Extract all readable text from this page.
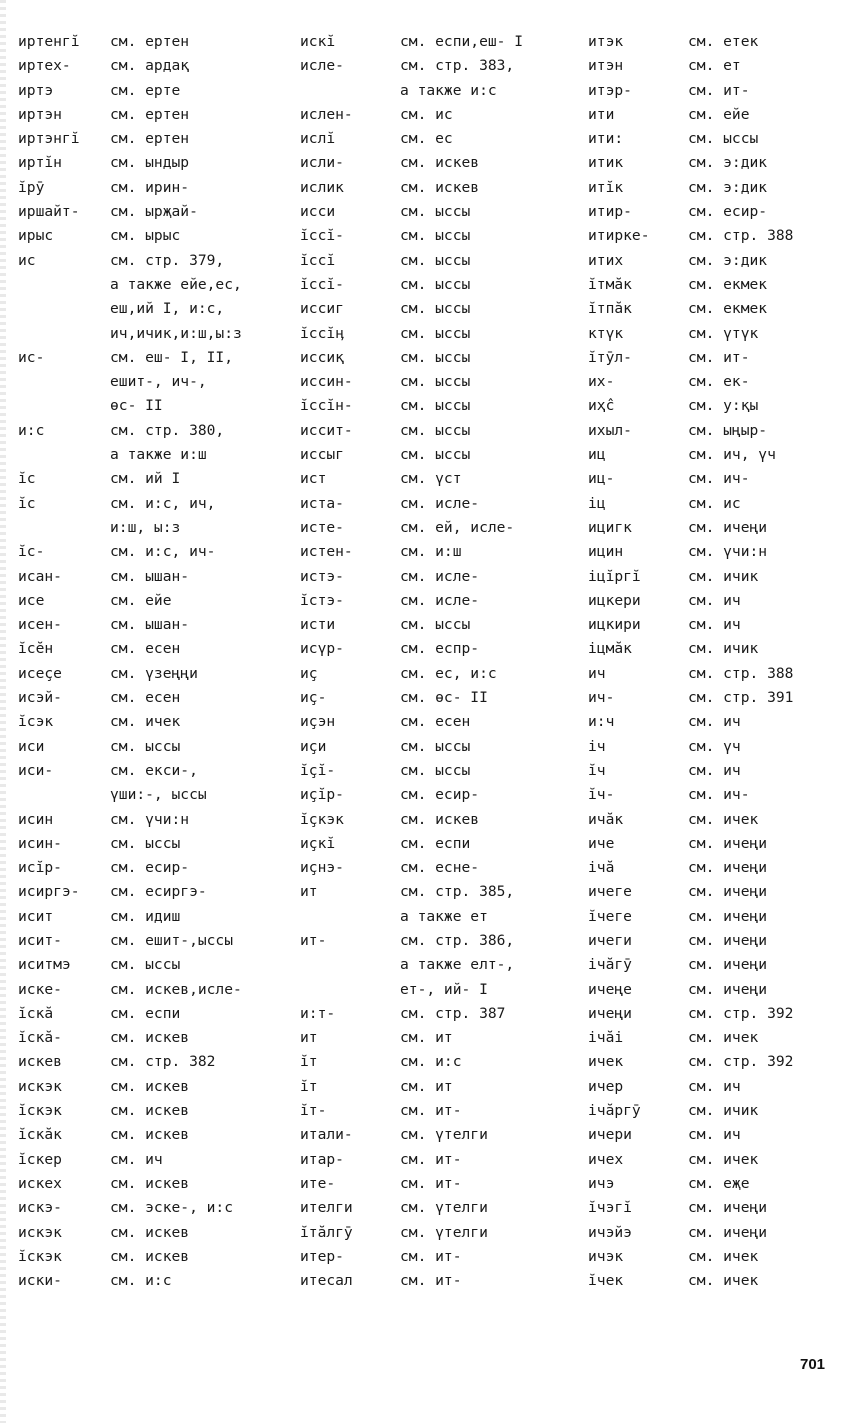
иртенгĭ	см. ертен
иртех-	см. ардақ
иртэ	см. ерте
иртэн	см. ертен
иртэнгĭ	см. ертен
иртĭн	см. ындыр
ĭрӯ	см. ирин-
иршайт-	см. ырҗай-
ирыс	см. ырыс
ис	см. стр. 379,
а также ейе,ес,
еш,ий I, и:с,
ич,ичик,и:ш,ы:з
ис-	см. еш- I, II,
ешит-, ич-,
өс- II
и:с	см. стр. 380,
а также и:ш
ĭс	см. ий I
ĭс	см. и:с, ич,
и:ш, ы:з
ĭс-	см. и:с, ич-
исан-	см. ышан-
исе	см. ейе
исен-	см. ышан-
ĭсĕн	см. есен
исеҫе	см. үзеңңи
исэй-	см. есен
ĭсэк	см. ичек
иси	см. ыссы
иси-	см. екси-,
үши:-, ыссы
исин	см. үчи:н
исин-	см. ыссы
исĭр-	см. есир-
исиргэ-	см. есиргэ-
исит	см. идиш
исит-	см. ешит-,ыссы
иситмэ	см. ыссы
иске-	см. искев,исле-
ĭскă	см. еспи
ĭскă-	см. искев
искев	см. стр. 382
искэк	см. искев
ĭскэк	см. искев
ĭскăк	см. искев
ĭскер	см. ич
искех	см. искев
искэ-	см. эске-, и:с
искэк	см. искев
ĭскэк	см. искев
иски-	см. и:с
искĭ	см. еспи,еш- I
исле-	см. стр. 383,
а также и:с
ислен-	см. ис
ислĭ	см. ес
исли-	см. искев
ислик	см. искев
исси	см. ыссы
ĭссĭ-	см. ыссы
ĭссĭ	см. ыссы
ĭссĭ-	см. ыссы
иссиг	см. ыссы
ĭссĭӊ	см. ыссы
иссиқ	см. ыссы
иссин-	см. ыссы
ĭссĭн-	см. ыссы
иссит-	см. ыссы
иссыг	см. ыссы
ист	см. үст
иста-	см. исле-
исте-	см. ей, исле-
истен-	см. и:ш
истэ-	см. исле-
ĭстэ-	см. исле-
исти	см. ыссы
исүр-	см. еспр-
иҫ	см. ес, и:с
иҫ-	см. өс- II
иҫэн	см. есен
иҫи	см. ыссы
ĭҫĭ-	см. ыссы
иҫĭр-	см. есир-
ĭҫкэк	см. искев
иҫкĭ	см. еспи
иҫнэ-	см. есне-
ит	см. стр. 385,
а также ет
ит-	см. стр. 386,
а также елт-,
ет-, ий- I
и:т-	см. стр. 387
ит	см. ит
ĭт	см. и:с
ĭт	см. ит
ĭт-	см. ит-
итали-	см. үтелги
итар-	см. ит-
ите-	см. ит-
ителги	см. үтелги
ĭтăлгӯ	см. үтелги
итер-	см. ит-
итесал	см. ит-
итэк	см. етек
итэн	см. ет
итэр-	см. ит-
ити	см. ейе
ити:	см. ыссы
итик	см. э:дик
итĭк	см. э:дик
итир-	см. есир-
итирке-	см. стр. 388
итих	см. э:дик
ĭтмăк	см. екмек
ĭтпăк	см. екмек
ктүк	см. үтүк
ĭтӯл-	см. ит-
их-	см. ек-
иҳĉ	см. у:қы
ихыл-	см. ыңыр-
иц	см. ич, үч
иц-	см. ич-
іц	см. ис
ицигк	см. ичеңи
ицин	см. үчи:н
іцĭргĭ	см. ичик
ицкери	см. ич
ицкири	см. ич
іцмăк	см. ичик
ич	см. стр. 388
ич-	см. стр. 391
и:ч	см. ич
іч	см. үч
ĭч	см. ич
ĭч-	см. ич-
ичăк	см. ичек
иче	см. ичеңи
ічă	см. ичеңи
ичеге	см. ичеңи
ĭчеге	см. ичеңи
ичеги	см. ичеңи
ічăгӯ	см. ичеңи
ичеңе	см. ичеңи
ичеңи	см. стр. 392
ічăі	см. ичек
ичек	см. стр. 392
ичер	см. ич
ічăргӯ	см. ичик
ичери	см. ич
ичех	см. ичек
ичэ	см. еҗе
ĭчэгĭ	см. ичеңи
ичэйэ	см. ичеңи
ичэк	см. ичек
ĭчек	см. ичек
701
